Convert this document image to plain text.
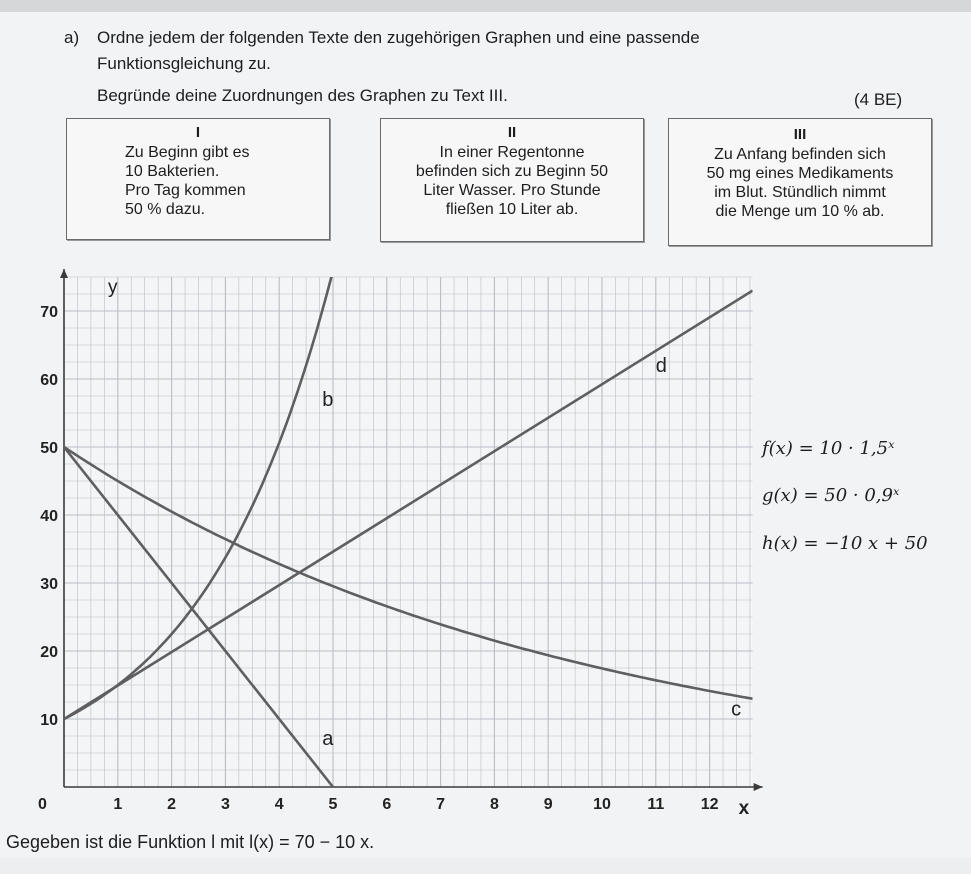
a) Ordne jedem der folgenden Texte den zugehörigen Graphen und eine passende
Funktionsgleichung zu.
Begründe deine Zuordnungen des Graphen zu Text III.	(4 BE)
I
Zu Beginn gibt es
10 Bakterien.
Pro Tag kommen
50 % dazu.
II
In einer Regentonne
befinden sich zu Beginn 50
Liter Wasser. Pro Stunde
fließen 10 Liter ab.
III
Zu Anfang befinden sich
50 mg eines Medikaments
im Blut. Stündlich nimmt
die Menge um 10 % ab.
x
y
0	1	2	3	4	5	6	7	8	9	10 11 12
10
20
30
40
50
60
70
a
b
c
d
f(x) = 10 · 1,5ˣ
g(x) = 50 · 0,9ˣ
h(x) = −10 x + 50
Gegeben ist die Funktion l mit l(x) = 70 − 10 x.
